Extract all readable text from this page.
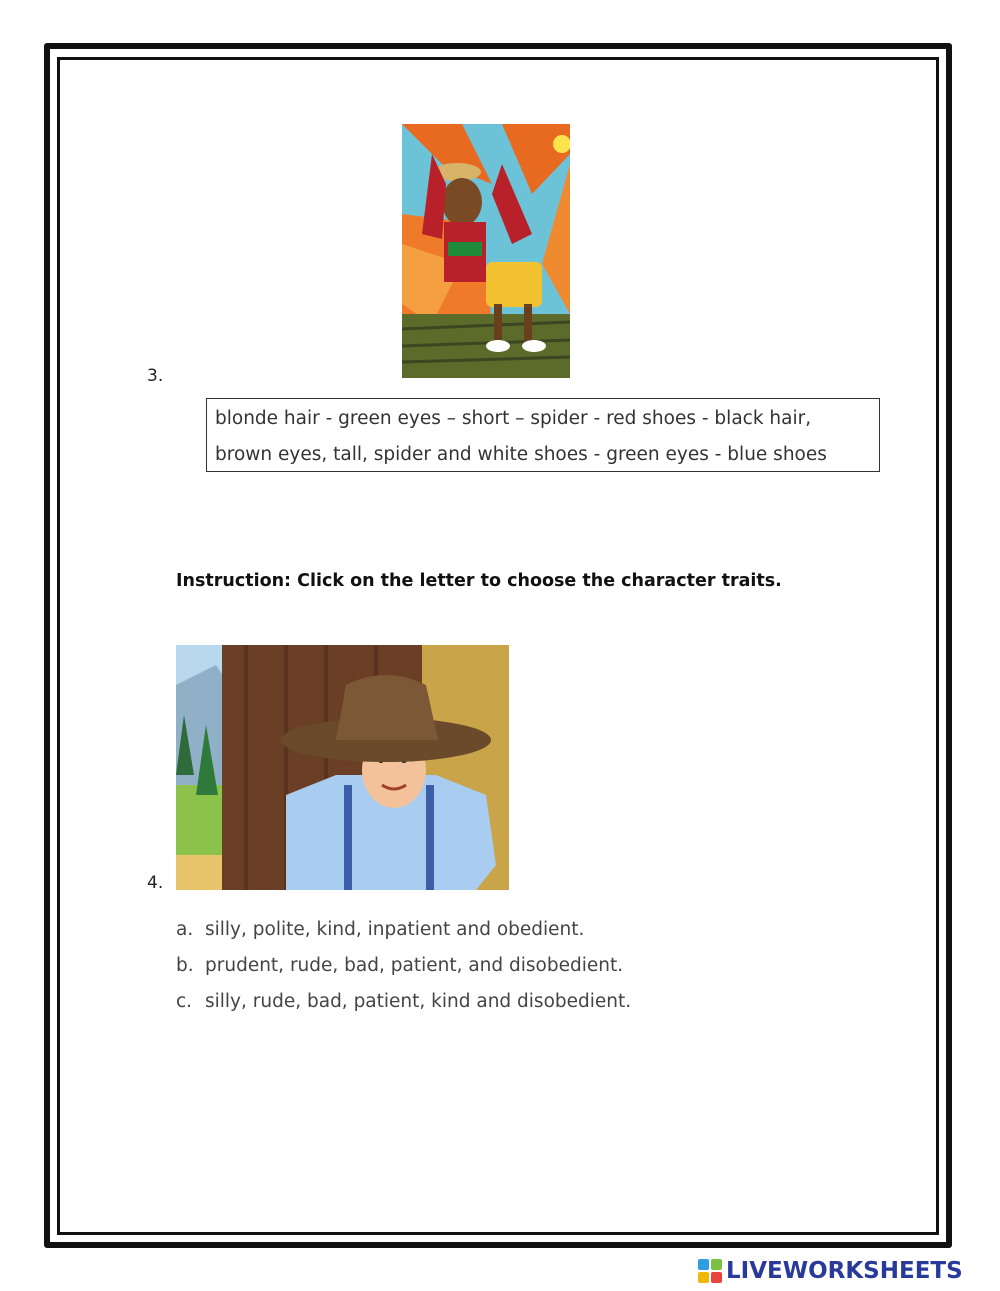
3.
blonde hair - green eyes – short – spider - red shoes - black hair,
brown eyes, tall, spider and white shoes - green eyes - blue shoes
Instruction: Click on the letter to choose the character traits.
4.
a. silly, polite, kind, inpatient and obedient.
b. prudent, rude, bad, patient, and disobedient.
c. silly, rude, bad, patient, kind and disobedient.
LIVEWORKSHEETS
